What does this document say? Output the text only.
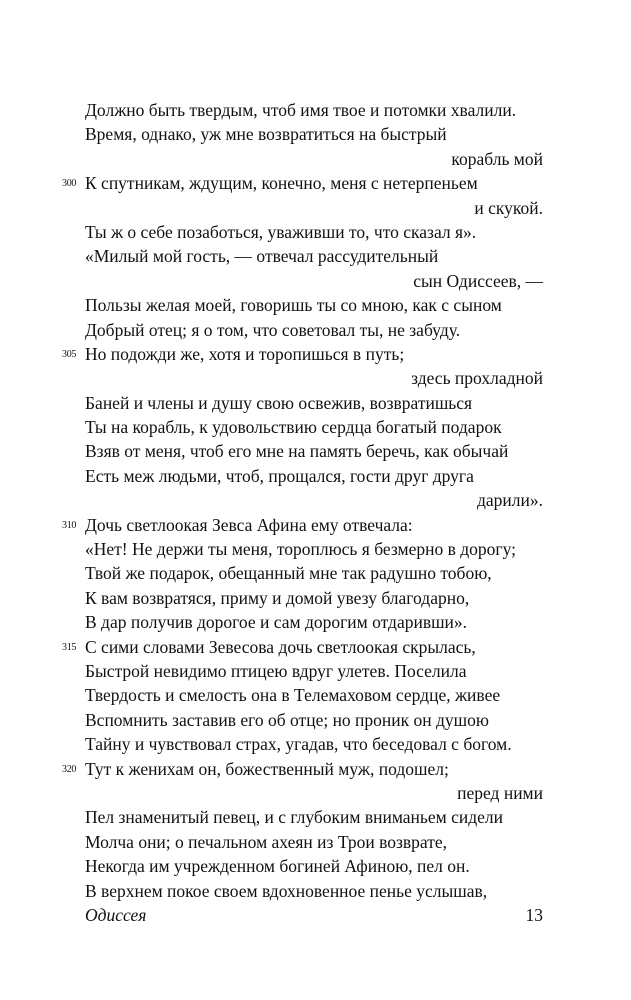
Должно быть твердым, чтоб имя твое и потомки хвалили.
Время, однако, уж мне возвратиться на быстрый
корабль мой
300 К спутникам, ждущим, конечно, меня с нетерпеньем
и скукой.
Ты ж о себе позаботься, уваживши то, что сказал я».
«Милый мой гость, — отвечал рассудительный
сын Одиссеев, —
Пользы желая моей, говоришь ты со мною, как с сыном
Добрый отец; я о том, что советовал ты, не забуду.
305 Но подожди же, хотя и торопишься в путь;
здесь прохладной
Баней и члены и душу свою освежив, возвратишься
Ты на корабль, к удовольствию сердца богатый подарок
Взяв от меня, чтоб его мне на память беречь, как обычай
Есть меж людьми, чтоб, прощался, гости друг друга
дарили».
310 Дочь светлоокая Зевса Афина ему отвечала:
«Нет! Не держи ты меня, тороплюсь я безмерно в дорогу;
Твой же подарок, обещанный мне так радушно тобою,
К вам возвратяся, приму и домой увезу благодарно,
В дар получив дорогое и сам дорогим отдаривши».
315 С сими словами Зевесова дочь светлоокая скрылась,
Быстрой невидимо птицею вдруг улетев. Поселила
Твердость и смелость она в Телемаховом сердце, живее
Вспомнить заставив его об отце; но проник он душою
Тайну и чувствовал страх, угадав, что беседовал с богом.
320 Тут к женихам он, божественный муж, подошел;
перед ними
Пел знаменитый певец, и с глубоким вниманьем сидели
Молча они; о печальном ахеян из Трои возврате,
Некогда им учрежденном богиней Афиною, пел он.
В верхнем покое своем вдохновенное пенье услышав,
Одиссея	13
